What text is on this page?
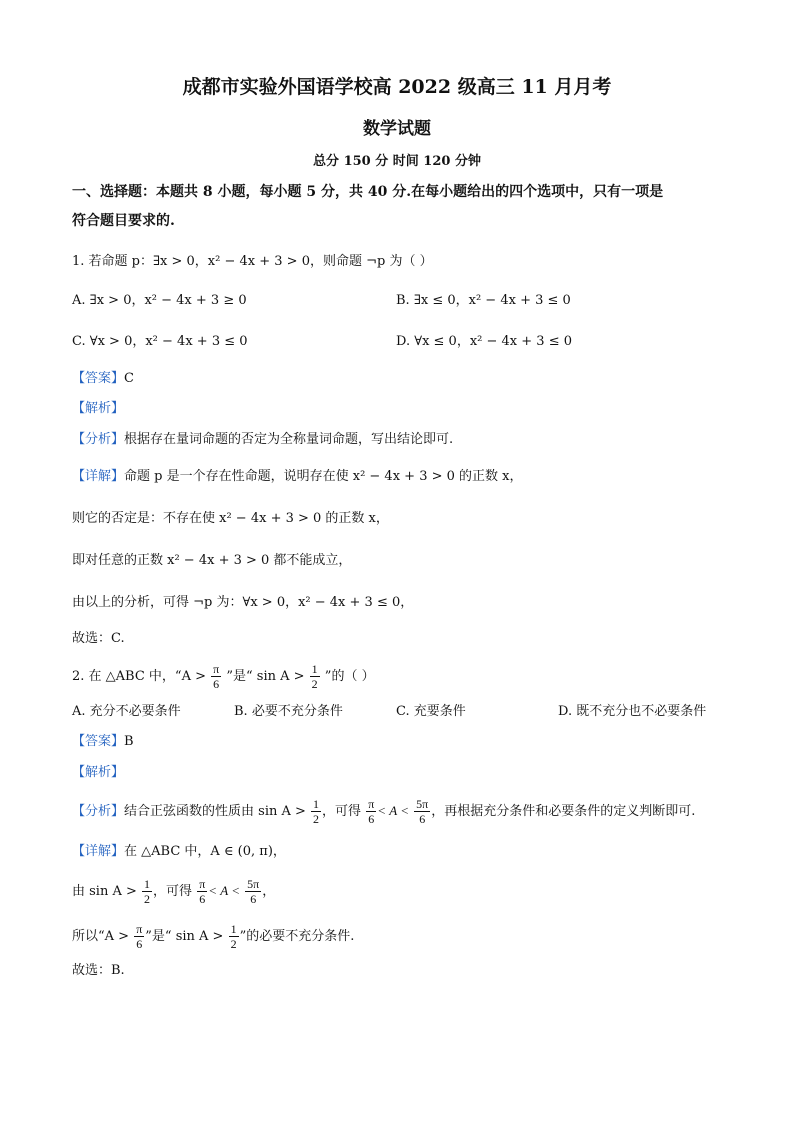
成都市实验外国语学校高 2022 级高三 11 月月考
数学试题
总分 150 分 时间 120 分钟
一、选择题：本题共 8 小题，每小题 5 分，共 40 分.在每小题给出的四个选项中，只有一项是
符合题目要求的.
1. 若命题 p：∃x > 0，x² − 4x + 3 > 0，则命题 ¬p 为（ ）
A. ∃x > 0，x² − 4x + 3 ≥ 0	B. ∃x ≤ 0，x² − 4x + 3 ≤ 0
C. ∀x > 0，x² − 4x + 3 ≤ 0	D. ∀x ≤ 0，x² − 4x + 3 ≤ 0
【答案】C
【解析】
【分析】根据存在量词命题的否定为全称量词命题，写出结论即可.
【详解】命题 p 是一个存在性命题，说明存在使 x² − 4x + 3 > 0 的正数 x，
则它的否定是：不存在使 x² − 4x + 3 > 0 的正数 x，
即对任意的正数 x² − 4x + 3 > 0 都不能成立，
由以上的分析，可得 ¬p 为：∀x > 0，x² − 4x + 3 ≤ 0，
故选：C.
2. 在 △ABC 中，“$A > \frac{\pi}{6}$ ”是“ $\sin A > \frac{1}{2}$ ”的（ ）
A. 充分不必要条件	B. 必要不充分条件	C. 充要条件	D. 既不充分也不必要条件
【答案】B
【解析】
【分析】结合正弦函数的性质由 $\sin A > \frac{1}{2}$ ，可得 $\frac{\pi}{6} < A < \frac{5\pi}{6}$ ，再根据充分条件和必要条件的定义判断即可.
【详解】在 △ABC 中，A ∈ (0, π)，
由 $\sin A > \frac{1}{2}$ ，可得 $\frac{\pi}{6} < A < \frac{5\pi}{6}$ ，
所以“$A > \frac{\pi}{6}$ ”是“ $\sin A > \frac{1}{2}$ ”的必要不充分条件.
故选：B.
